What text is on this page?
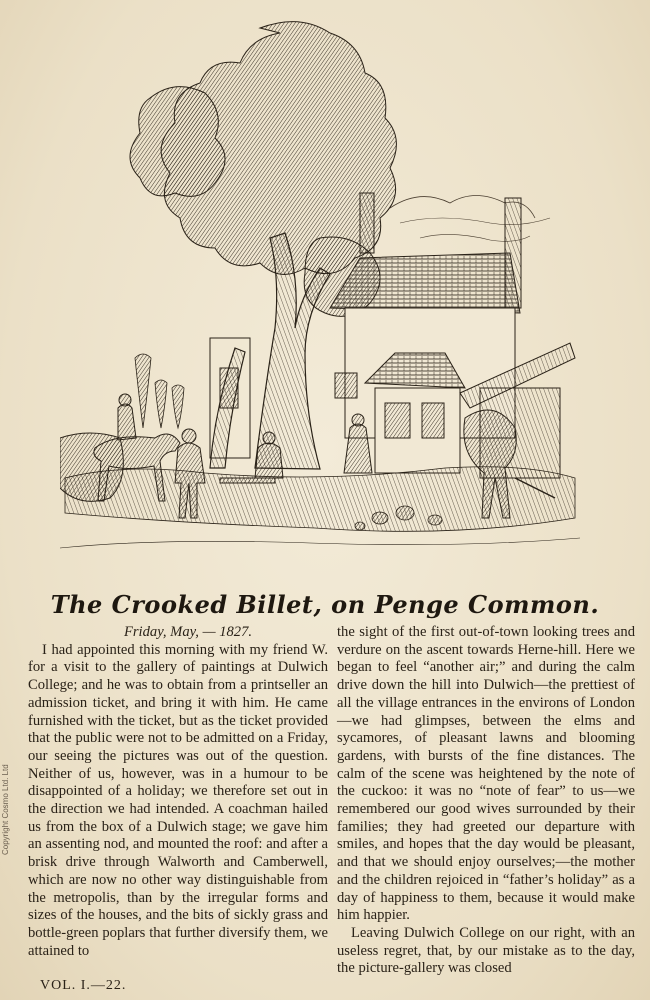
The Crooked Billet, on Penge Common.
Friday, May, — 1827.

I had appointed this morning with my friend W. for a visit to the gallery of paintings at Dulwich College; and he was to obtain from a printseller an admission ticket, and bring it with him. He came furnished with the ticket, but as the ticket provided that the public were not to be admitted on a Friday, our seeing the pictures was out of the question. Neither of us, however, was in a humour to be disappointed of a holiday; we therefore set out in the direction we had intended. A coachman hailed us from the box of a Dulwich stage; we gave him an assenting nod, and mounted the roof: and after a brisk drive through Walworth and Camberwell, which are now no other way distinguishable from the metropolis, than by the irregular forms and sizes of the houses, and the bits of sickly grass and bottle-green poplars that further diversify them, we attained to

the sight of the first out-of-town looking trees and verdure on the ascent towards Herne-hill. Here we began to feel “another air;” and during the calm drive down the hill into Dulwich—the prettiest of all the village entrances in the environs of London—we had glimpses, between the elms and sycamores, of pleasant lawns and blooming gardens, with bursts of the fine distances. The calm of the scene was heightened by the note of the cuckoo: it was no “note of fear” to us—we remembered our good wives surrounded by their families; they had greeted our departure with smiles, and hopes that the day would be pleasant, and that we should enjoy ourselves;—the mother and the children rejoiced in “father’s holiday” as a day of happiness to them, because it would make him happier.

Leaving Dulwich College on our right, with an useless regret, that, by our mistake as to the day, the picture-gallery was closed

VOL. I.—22.
Copyright Cosmo Ltd. Ltd
